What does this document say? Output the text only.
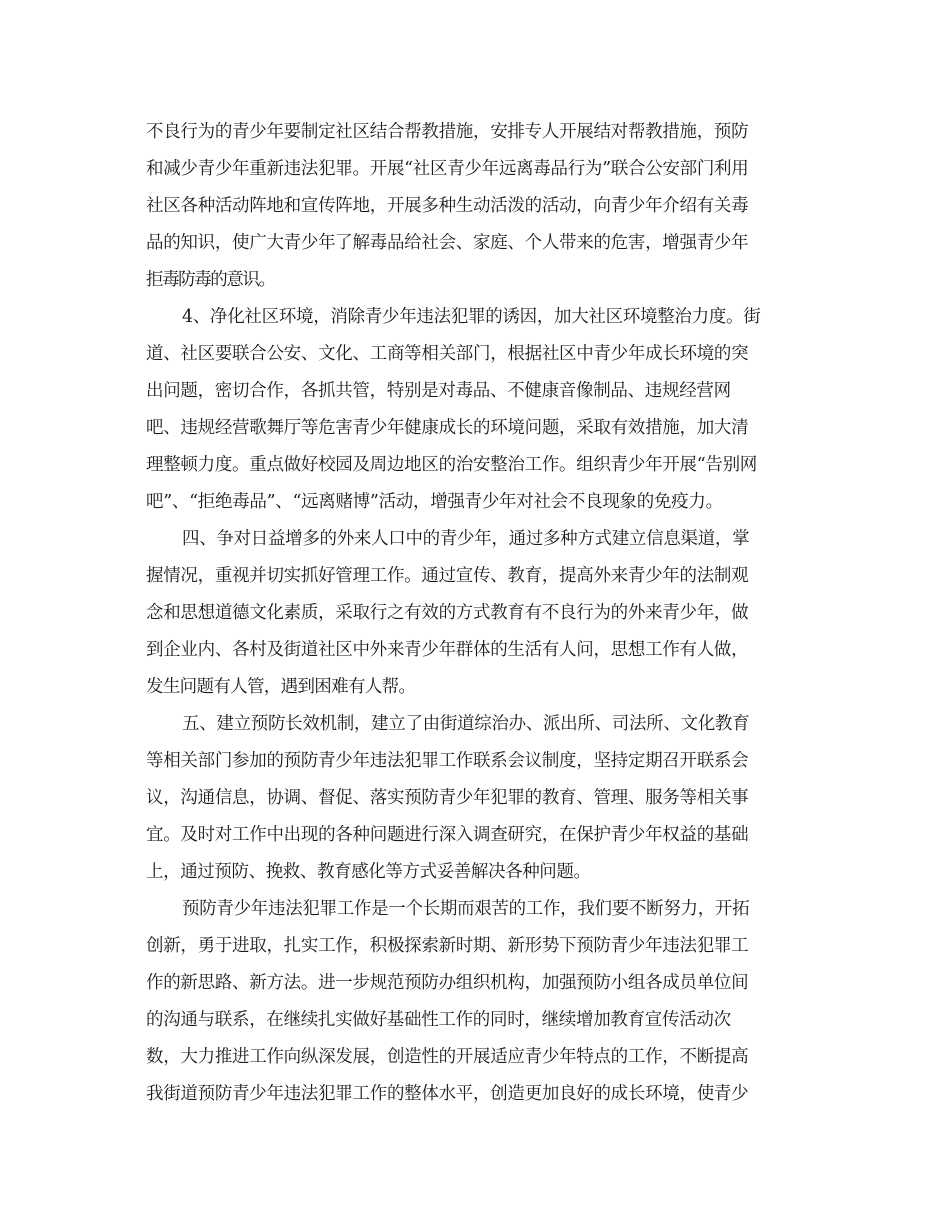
不良行为的青少年要制定社区结合帮教措施，安排专人开展结对帮教措施，预防
和减少青少年重新违法犯罪。开展“社区青少年远离毒品行为”联合公安部门利用
社区各种活动阵地和宣传阵地，开展多种生动活泼的活动，向青少年介绍有关毒
品的知识，使广大青少年了解毒品给社会、家庭、个人带来的危害，增强青少年
拒毒防毒的意识。
4、净化社区环境，消除青少年违法犯罪的诱因，加大社区环境整治力度。街
道、社区要联合公安、文化、工商等相关部门，根据社区中青少年成长环境的突
出问题，密切合作，各抓共管，特别是对毒品、不健康音像制品、违规经营网
吧、违规经营歌舞厅等危害青少年健康成长的环境问题，采取有效措施，加大清
理整顿力度。重点做好校园及周边地区的治安整治工作。组织青少年开展“告别网
吧”、“拒绝毒品”、“远离赌博”活动，增强青少年对社会不良现象的免疫力。
四、争对日益增多的外来人口中的青少年，通过多种方式建立信息渠道，掌
握情况，重视并切实抓好管理工作。通过宣传、教育，提高外来青少年的法制观
念和思想道德文化素质，采取行之有效的方式教育有不良行为的外来青少年，做
到企业内、各村及街道社区中外来青少年群体的生活有人问，思想工作有人做，
发生问题有人管，遇到困难有人帮。
五、建立预防长效机制，建立了由街道综治办、派出所、司法所、文化教育
等相关部门参加的预防青少年违法犯罪工作联系会议制度，坚持定期召开联系会
议，沟通信息，协调、督促、落实预防青少年犯罪的教育、管理、服务等相关事
宜。及时对工作中出现的各种问题进行深入调查研究，在保护青少年权益的基础
上，通过预防、挽救、教育感化等方式妥善解决各种问题。
预防青少年违法犯罪工作是一个长期而艰苦的工作，我们要不断努力，开拓
创新，勇于进取，扎实工作，积极探索新时期、新形势下预防青少年违法犯罪工
作的新思路、新方法。进一步规范预防办组织机构，加强预防小组各成员单位间
的沟通与联系，在继续扎实做好基础性工作的同时，继续增加教育宣传活动次
数，大力推进工作向纵深发展，创造性的开展适应青少年特点的工作，不断提高
我街道预防青少年违法犯罪工作的整体水平，创造更加良好的成长环境，使青少
